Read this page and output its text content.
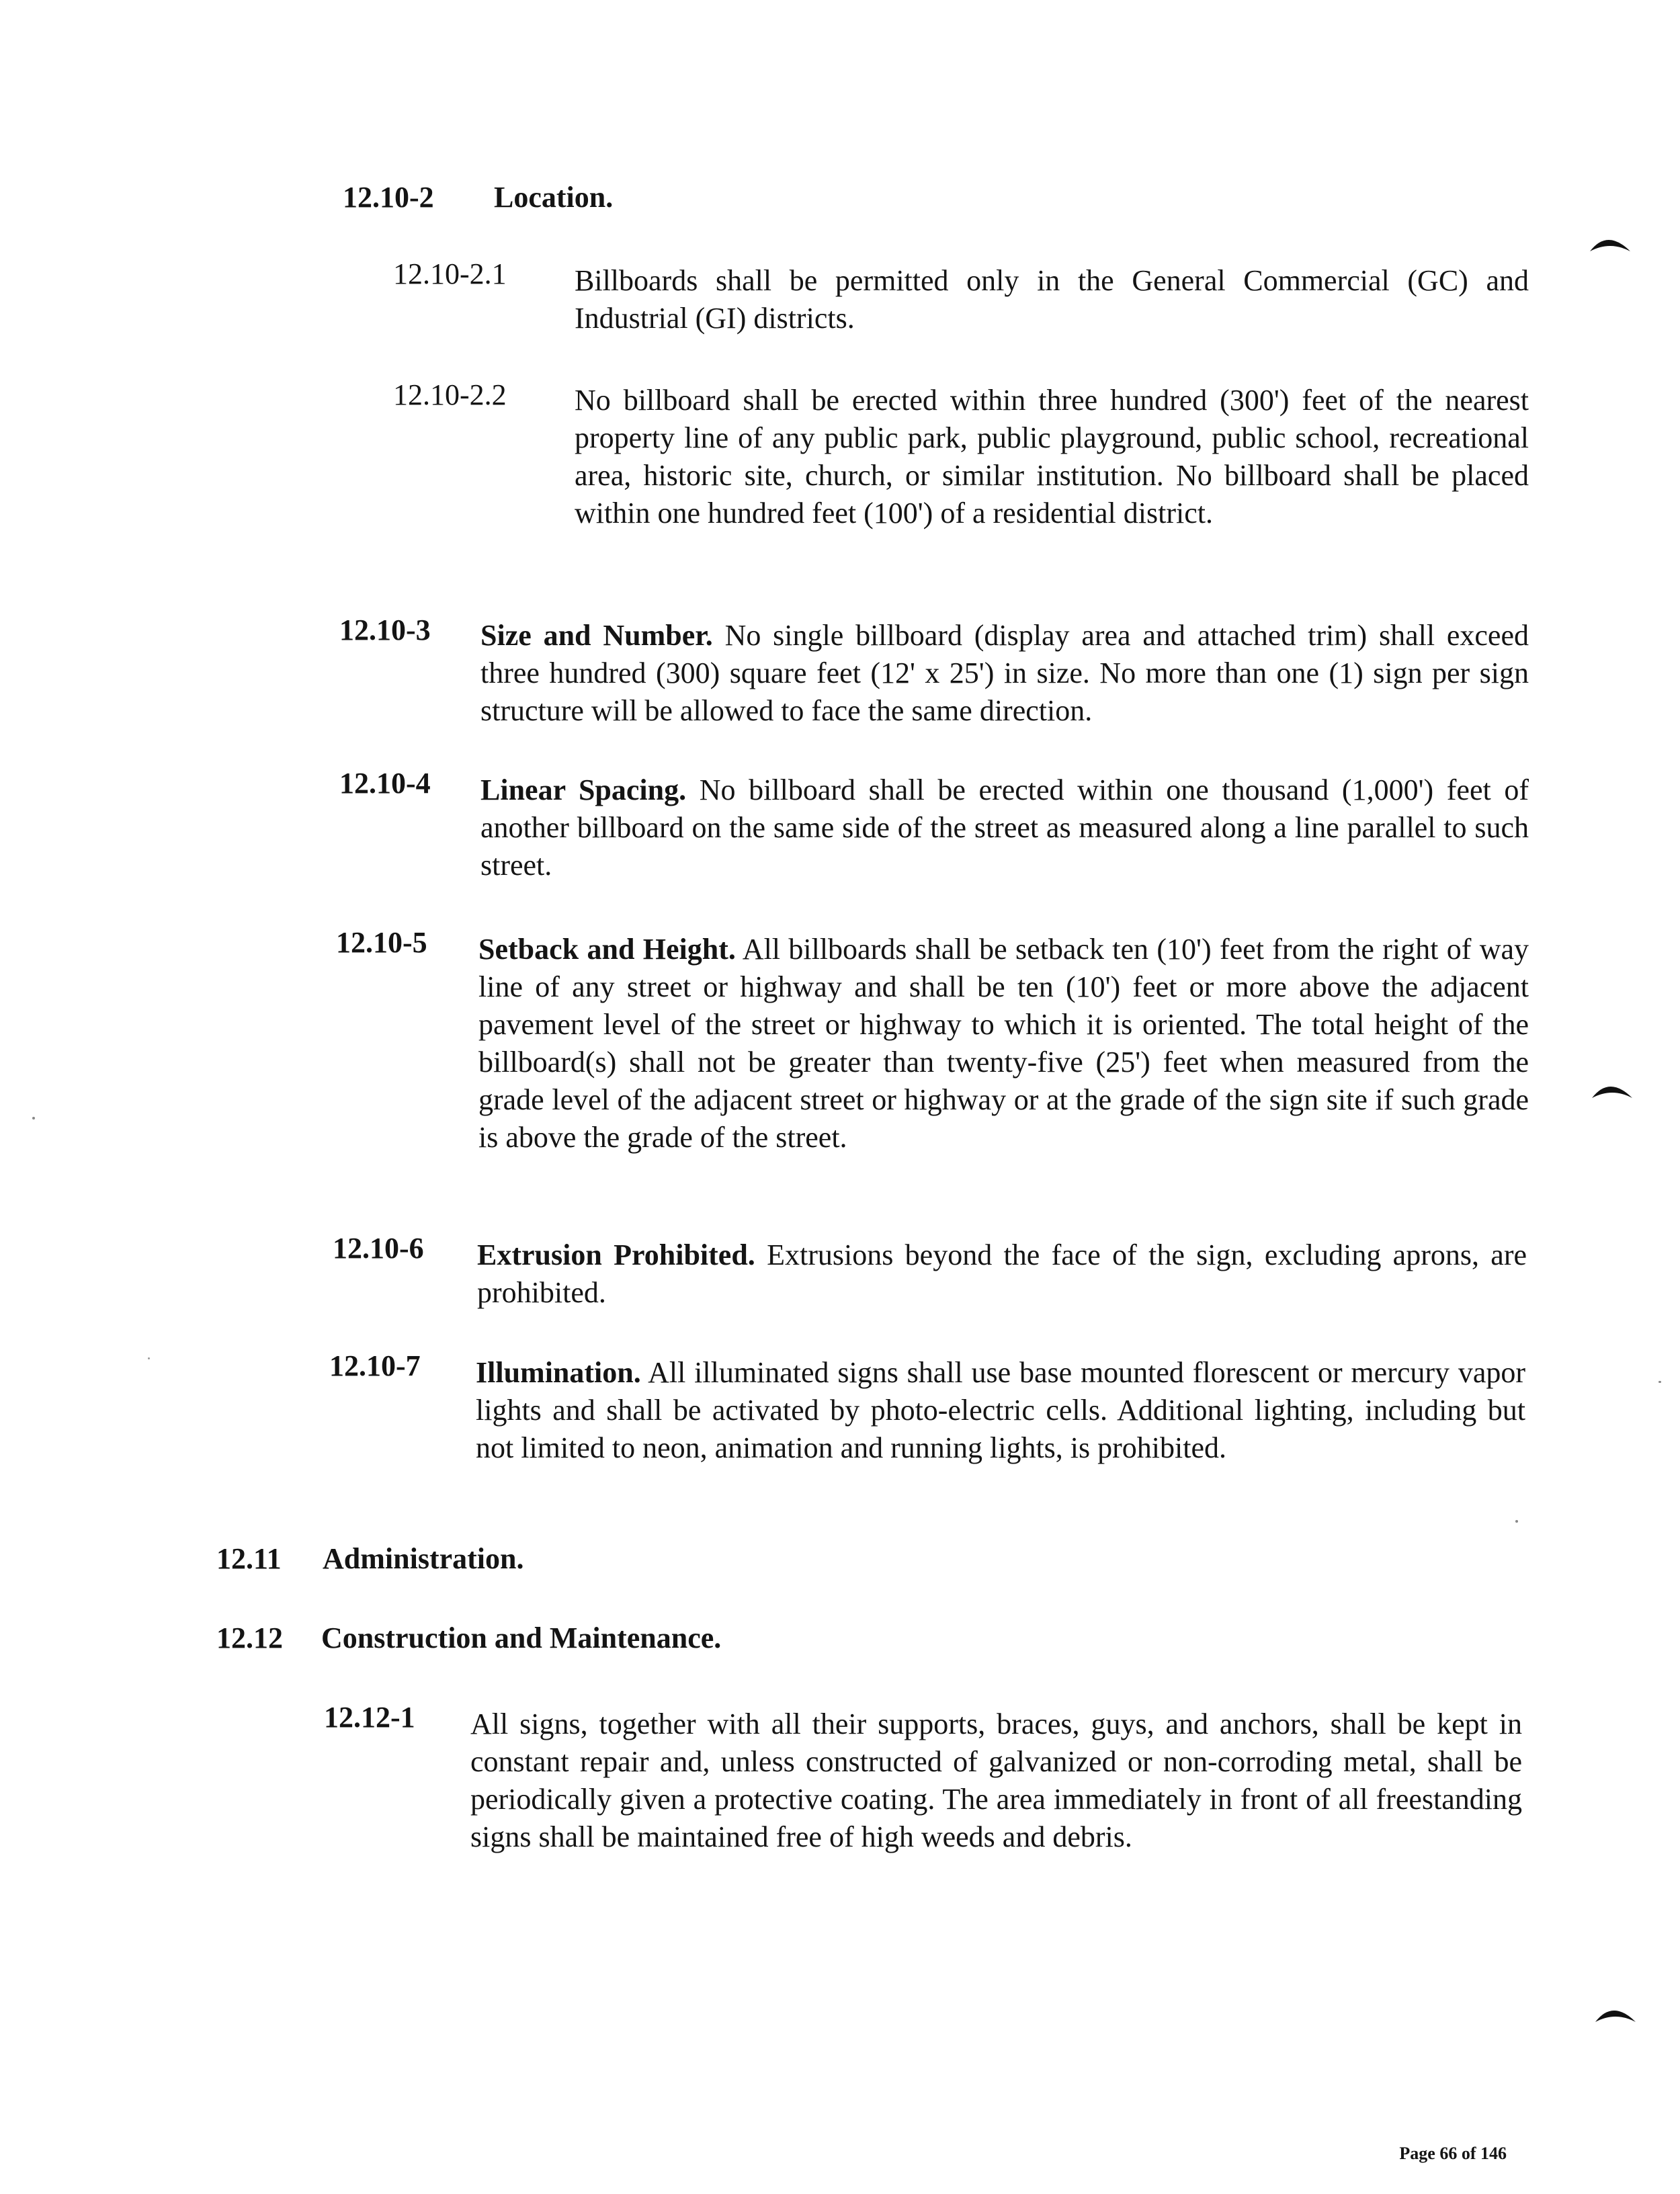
12.10-2 Location.
12.10-2.1 Billboards shall be permitted only in the General Commercial (GC) and Industrial (GI) districts.
12.10-2.2 No billboard shall be erected within three hundred (300') feet of the nearest property line of any public park, public playground, public school, recreational area, historic site, church, or similar institution. No billboard shall be placed within one hundred feet (100') of a residential district.
12.10-3 Size and Number. No single billboard (display area and attached trim) shall exceed three hundred (300) square feet (12' x 25') in size. No more than one (1) sign per sign structure will be allowed to face the same direction.
12.10-4 Linear Spacing. No billboard shall be erected within one thousand (1,000') feet of another billboard on the same side of the street as measured along a line parallel to such street.
12.10-5 Setback and Height. All billboards shall be setback ten (10') feet from the right of way line of any street or highway and shall be ten (10') feet or more above the adjacent pavement level of the street or highway to which it is oriented. The total height of the billboard(s) shall not be greater than twenty-five (25') feet when measured from the grade level of the adjacent street or highway or at the grade of the sign site if such grade is above the grade of the street.
12.10-6 Extrusion Prohibited. Extrusions beyond the face of the sign, excluding aprons, are prohibited.
12.10-7 Illumination. All illuminated signs shall use base mounted florescent or mercury vapor lights and shall be activated by photo-electric cells. Additional lighting, including but not limited to neon, animation and running lights, is prohibited.
12.11 Administration.
12.12 Construction and Maintenance.
12.12-1 All signs, together with all their supports, braces, guys, and anchors, shall be kept in constant repair and, unless constructed of galvanized or non-corroding metal, shall be periodically given a protective coating. The area immediately in front of all freestanding signs shall be maintained free of high weeds and debris.
Page 66 of 146
